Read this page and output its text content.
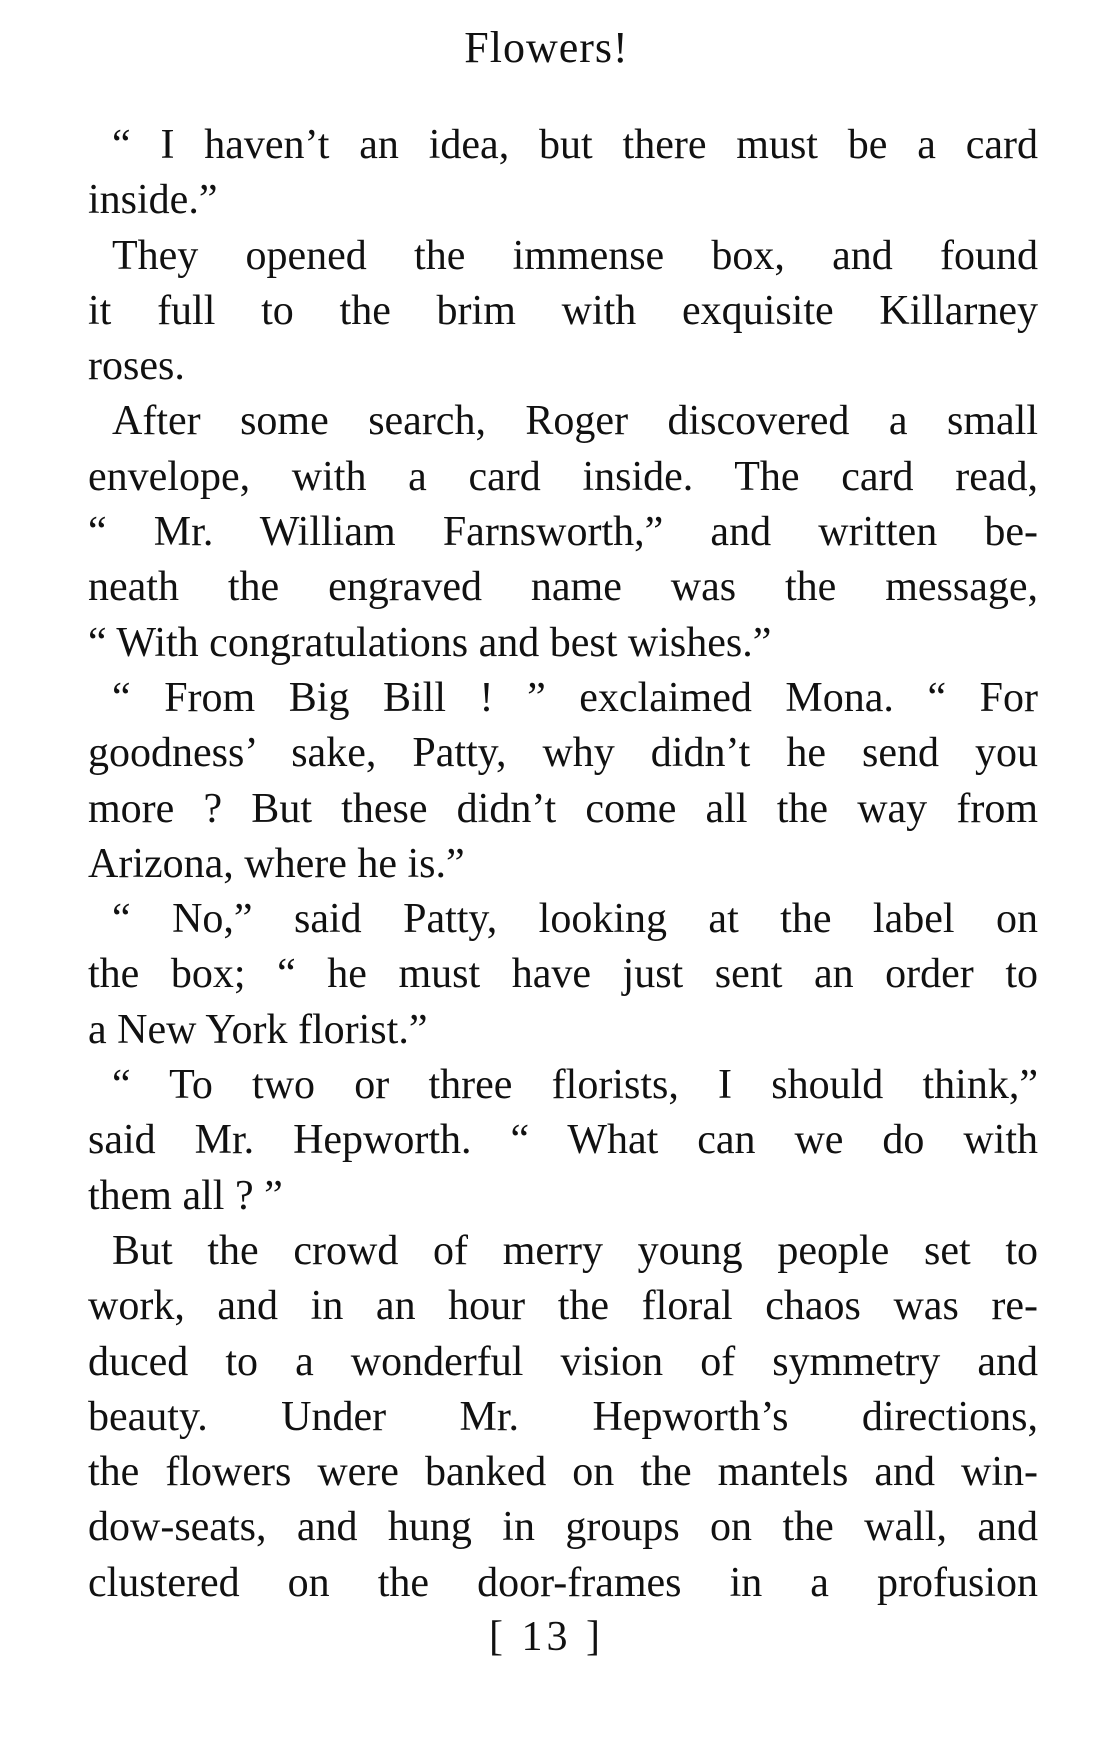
Flowers!
“ I haven’t an idea, but there must be a card
inside.”
They opened the immense box, and found
it full to the brim with exquisite Killarney
roses.
After some search, Roger discovered a small
envelope, with a card inside. The card read,
“ Mr. William Farnsworth,” and written be-
neath the engraved name was the message,
“ With congratulations and best wishes.”
“ From Big Bill ! ” exclaimed Mona. “ For
goodness’ sake, Patty, why didn’t he send you
more ? But these didn’t come all the way from
Arizona, where he is.”
“ No,” said Patty, looking at the label on
the box; “ he must have just sent an order to
a New York florist.”
“ To two or three florists, I should think,”
said Mr. Hepworth. “ What can we do with
them all ? ”
But the crowd of merry young people set to
work, and in an hour the floral chaos was re-
duced to a wonderful vision of symmetry and
beauty. Under Mr. Hepworth’s directions,
the flowers were banked on the mantels and win-
dow-seats, and hung in groups on the wall, and
clustered on the door-frames in a profusion
[ 13 ]
